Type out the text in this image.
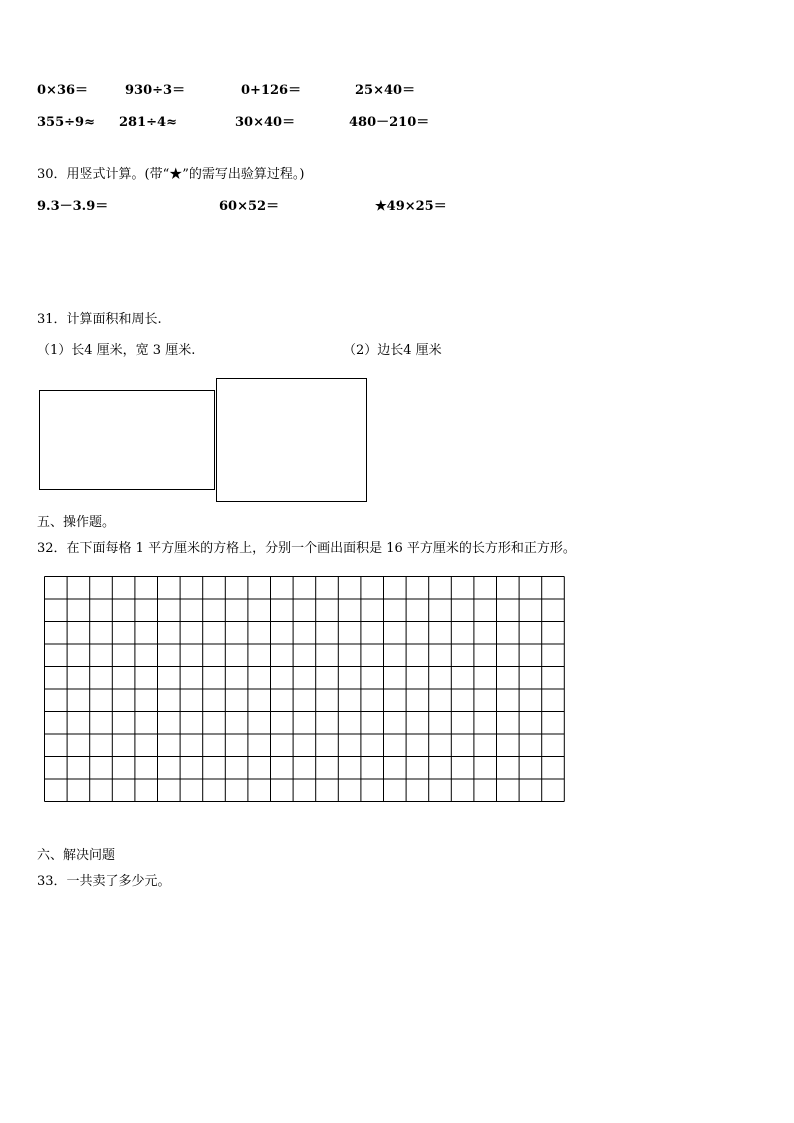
0×36＝	930÷3＝	0+126＝	25×40＝
355÷9≈ 281÷4≈	30×40＝	480－210＝
30．用竖式计算。(带“★”的需写出验算过程。)
9.3－3.9＝	60×52＝	★49×25＝
31．计算面积和周长.
（1）长4 厘米，宽 3 厘米.	（2）边长4 厘米
五、操作题。
32．在下面每格 1 平方厘米的方格上，分别一个画出面积是 16 平方厘米的长方形和正方形。
六、解决问题
33．一共卖了多少元。
